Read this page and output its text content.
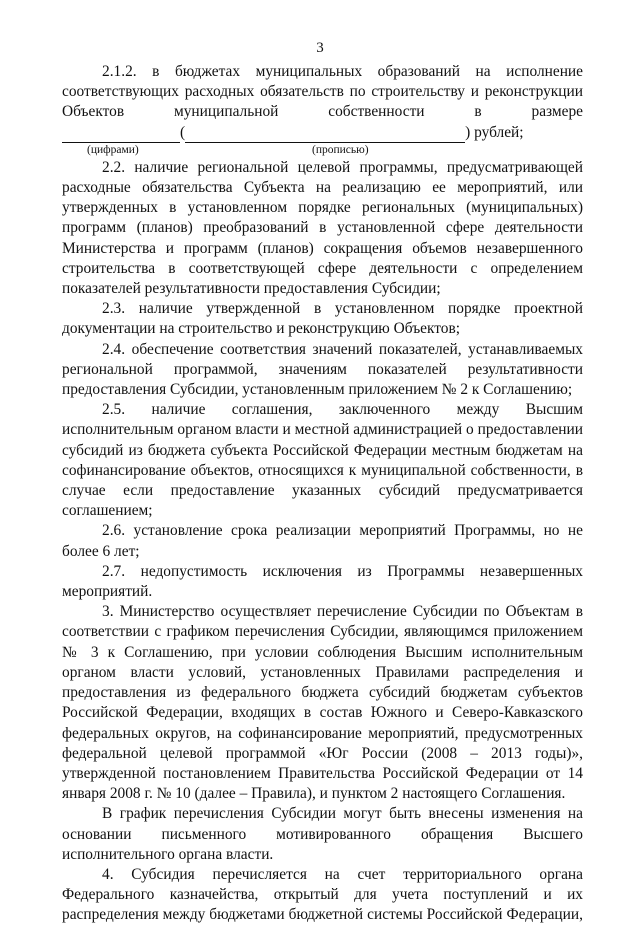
3

2.1.2. в бюджетах муниципальных образований на исполнение соответствующих расходных обязательств по строительству и реконструкции Объектов муниципальной собственности в размере

(	) рублей;
(цифрами)	(прописью)

2.2. наличие региональной целевой программы, предусматривающей расходные обязательства Субъекта на реализацию ее мероприятий, или утвержденных в установленном порядке региональных (муниципальных) программ (планов) преобразований в установленной сфере деятельности Министерства и программ (планов) сокращения объемов незавершенного строительства в соответствующей сфере деятельности с определением показателей результативности предоставления Субсидии;

2.3. наличие утвержденной в установленном порядке проектной документации на строительство и реконструкцию Объектов;

2.4. обеспечение соответствия значений показателей, устанавливаемых региональной программой, значениям показателей результативности предоставления Субсидии, установленным приложением № 2 к Соглашению;

2.5. наличие соглашения, заключенного между Высшим исполнительным органом власти и местной администрацией о предоставлении субсидий из бюджета субъекта Российской Федерации местным бюджетам на софинансирование объектов, относящихся к муниципальной собственности, в случае если предоставление указанных субсидий предусматривается соглашением;

2.6. установление срока реализации мероприятий Программы, но не более 6 лет;

2.7. недопустимость исключения из Программы незавершенных мероприятий.

3. Министерство осуществляет перечисление Субсидии по Объектам в соответствии с графиком перечисления Субсидии, являющимся приложением № 3 к Соглашению, при условии соблюдения Высшим исполнительным органом власти условий, установленных Правилами распределения и предоставления из федерального бюджета субсидий бюджетам субъектов Российской Федерации, входящих в состав Южного и Северо-Кавказского федеральных округов, на софинансирование мероприятий, предусмотренных федеральной целевой программой «Юг России (2008 – 2013 годы)», утвержденной постановлением Правительства Российской Федерации от 14 января 2008 г. № 10 (далее – Правила), и пунктом 2 настоящего Соглашения.

В график перечисления Субсидии могут быть внесены изменения на основании письменного мотивированного обращения Высшего исполнительного органа власти.

4. Субсидия перечисляется на счет территориального органа Федерального казначейства, открытый для учета поступлений и их распределения между бюджетами бюджетной системы Российской Федерации,
